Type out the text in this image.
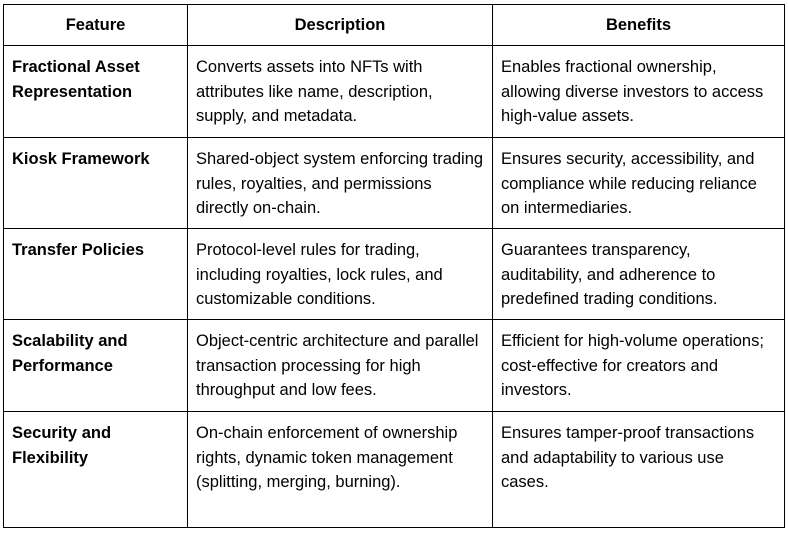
Feature	Description	Benefits
Fractional Asset Representation	Converts assets into NFTs with attributes like name, description, supply, and metadata.	Enables fractional ownership, allowing diverse investors to access high-value assets.
Kiosk Framework	Shared-object system enforcing trading rules, royalties, and permissions directly on-chain.	Ensures security, accessibility, and compliance while reducing reliance on intermediaries.
Transfer Policies	Protocol-level rules for trading, including royalties, lock rules, and customizable conditions.	Guarantees transparency, auditability, and adherence to predefined trading conditions.
Scalability and Performance	Object-centric architecture and parallel transaction processing for high throughput and low fees.	Efficient for high-volume operations; cost-effective for creators and investors.
Security and Flexibility	On-chain enforcement of ownership rights, dynamic token management (splitting, merging, burning).	Ensures tamper-proof transactions and adaptability to various use cases.
